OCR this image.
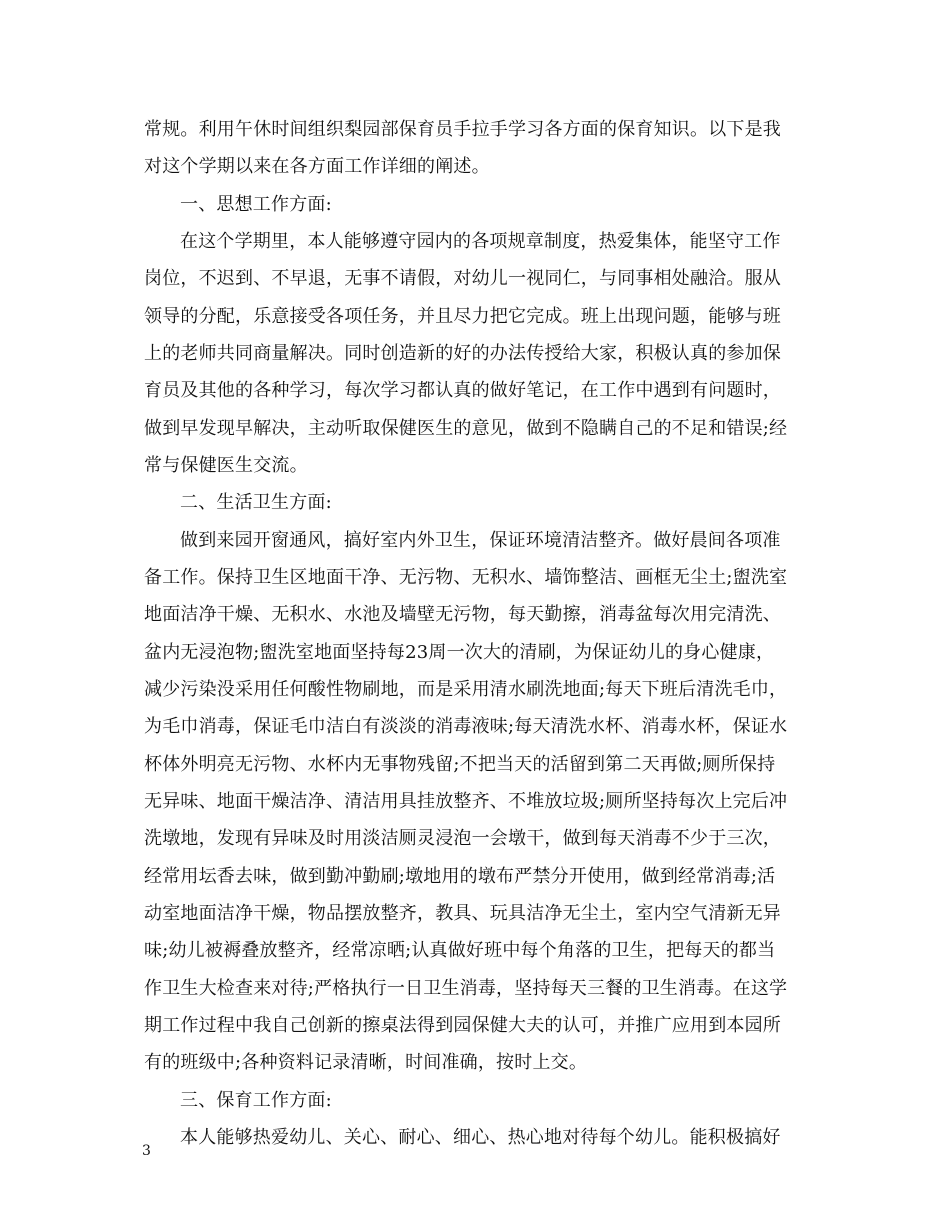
常规。利用午休时间组织梨园部保育员手拉手学习各方面的保育知识。以下是我
对这个学期以来在各方面工作详细的阐述。
一、思想工作方面:
在这个学期里，本人能够遵守园内的各项规章制度，热爱集体，能坚守工作
岗位，不迟到、不早退，无事不请假，对幼儿一视同仁，与同事相处融洽。服从
领导的分配，乐意接受各项任务，并且尽力把它完成。班上出现问题，能够与班
上的老师共同商量解决。同时创造新的好的办法传授给大家，积极认真的参加保
育员及其他的各种学习，每次学习都认真的做好笔记，在工作中遇到有问题时，
做到早发现早解决，主动听取保健医生的意见，做到不隐瞒自己的不足和错误;经
常与保健医生交流。
二、生活卫生方面:
做到来园开窗通风，搞好室内外卫生，保证环境清洁整齐。做好晨间各项准
备工作。保持卫生区地面干净、无污物、无积水、墙饰整洁、画框无尘土;盥洗室
地面洁净干燥、无积水、水池及墙壁无污物，每天勤擦，消毒盆每次用完清洗、
盆内无浸泡物;盥洗室地面坚持每23周一次大的清刷，为保证幼儿的身心健康，
减少污染没采用任何酸性物刷地，而是采用清水刷洗地面;每天下班后清洗毛巾，
为毛巾消毒，保证毛巾洁白有淡淡的消毒液味;每天清洗水杯、消毒水杯，保证水
杯体外明亮无污物、水杯内无事物残留;不把当天的活留到第二天再做;厕所保持
无异味、地面干燥洁净、清洁用具挂放整齐、不堆放垃圾;厕所坚持每次上完后冲
洗墩地，发现有异味及时用淡洁厕灵浸泡一会墩干，做到每天消毒不少于三次，
经常用坛香去味，做到勤冲勤刷;墩地用的墩布严禁分开使用，做到经常消毒;活
动室地面洁净干燥，物品摆放整齐，教具、玩具洁净无尘土，室内空气清新无异
味;幼儿被褥叠放整齐，经常凉晒;认真做好班中每个角落的卫生，把每天的都当
作卫生大检查来对待;严格执行一日卫生消毒，坚持每天三餐的卫生消毒。在这学
期工作过程中我自己创新的擦桌法得到园保健大夫的认可，并推广应用到本园所
有的班级中;各种资料记录清晰，时间准确，按时上交。
三、保育工作方面:
本人能够热爱幼儿、关心、耐心、细心、热心地对待每个幼儿。能积极搞好
3
